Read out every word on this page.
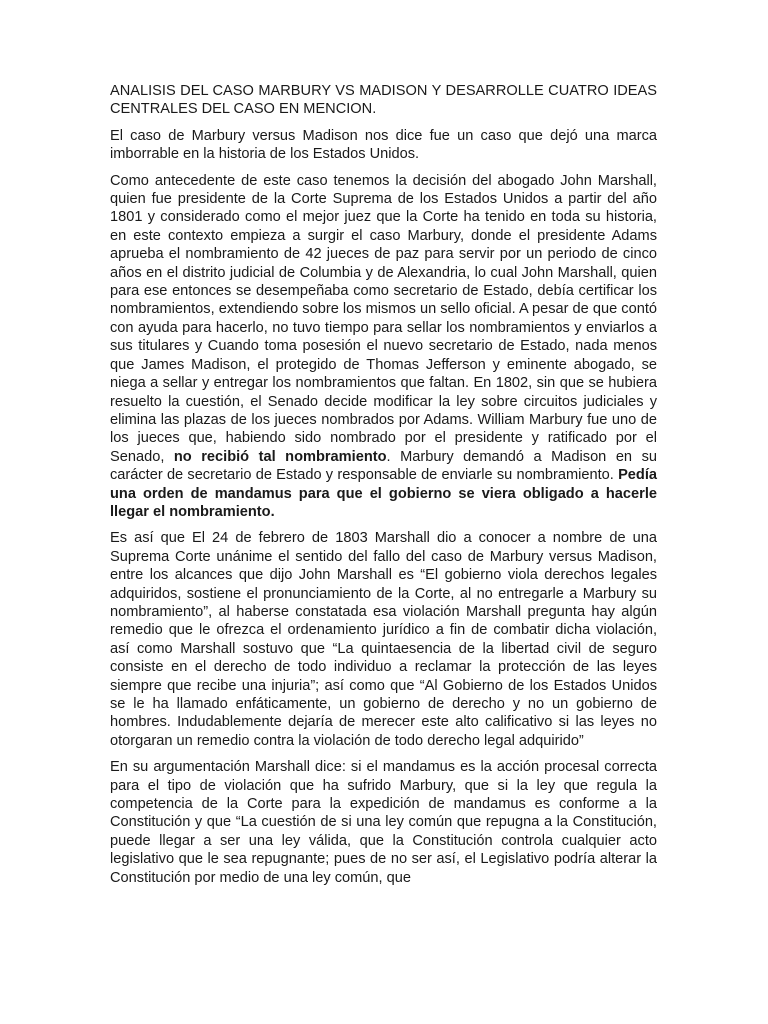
ANALISIS DEL CASO MARBURY VS MADISON Y DESARROLLE CUATRO IDEAS CENTRALES DEL CASO EN MENCION.

El caso de Marbury versus Madison nos dice fue un caso que dejó una marca imborrable en la historia de los Estados Unidos.

Como antecedente de este caso tenemos la decisión del abogado John Marshall, quien fue presidente de la Corte Suprema de los Estados Unidos a partir del año 1801 y considerado como el mejor juez que la Corte ha tenido en toda su historia, en este contexto empieza a surgir el caso Marbury, donde el presidente Adams aprueba el nombramiento de 42 jueces de paz para servir por un periodo de cinco años en el distrito judicial de Columbia y de Alexandria, lo cual John Marshall, quien para ese entonces se desempeñaba como secretario de Estado, debía certificar los nombramientos, extendiendo sobre los mismos un sello oficial. A pesar de que contó con ayuda para hacerlo, no tuvo tiempo para sellar los nombramientos y enviarlos a sus titulares y Cuando toma posesión el nuevo secretario de Estado, nada menos que James Madison, el protegido de Thomas Jefferson y eminente abogado, se niega a sellar y entregar los nombramientos que faltan. En 1802, sin que se hubiera resuelto la cuestión, el Senado decide modificar la ley sobre circuitos judiciales y elimina las plazas de los jueces nombrados por Adams. William Marbury fue uno de los jueces que, habiendo sido nombrado por el presidente y ratificado por el Senado, no recibió tal nombramiento. Marbury demandó a Madison en su carácter de secretario de Estado y responsable de enviarle su nombramiento. Pedía una orden de mandamus para que el gobierno se viera obligado a hacerle llegar el nombramiento.

Es así que El 24 de febrero de 1803 Marshall dio a conocer a nombre de una Suprema Corte unánime el sentido del fallo del caso de Marbury versus Madison, entre los alcances que dijo John Marshall es “El gobierno viola derechos legales adquiridos, sostiene el pronunciamiento de la Corte, al no entregarle a Marbury su nombramiento”, al haberse constatada esa violación Marshall pregunta hay algún remedio que le ofrezca el ordenamiento jurídico a fin de combatir dicha violación, así como Marshall sostuvo que “La quintaesencia de la libertad civil de seguro consiste en el derecho de todo individuo a reclamar la protección de las leyes siempre que recibe una injuria”; así como que “Al Gobierno de los Estados Unidos se le ha llamado enfáticamente, un gobierno de derecho y no un gobierno de hombres. Indudablemente dejaría de merecer este alto calificativo si las leyes no otorgaran un remedio contra la violación de todo derecho legal adquirido”

En su argumentación Marshall dice: si el mandamus es la acción procesal correcta para el tipo de violación que ha sufrido Marbury, que si la ley que regula la competencia de la Corte para la expedición de mandamus es conforme a la Constitución y que “La cuestión de si una ley común que repugna a la Constitución, puede llegar a ser una ley válida, que la Constitución controla cualquier acto legislativo que le sea repugnante; pues de no ser así, el Legislativo podría alterar la Constitución por medio de una ley común, que
